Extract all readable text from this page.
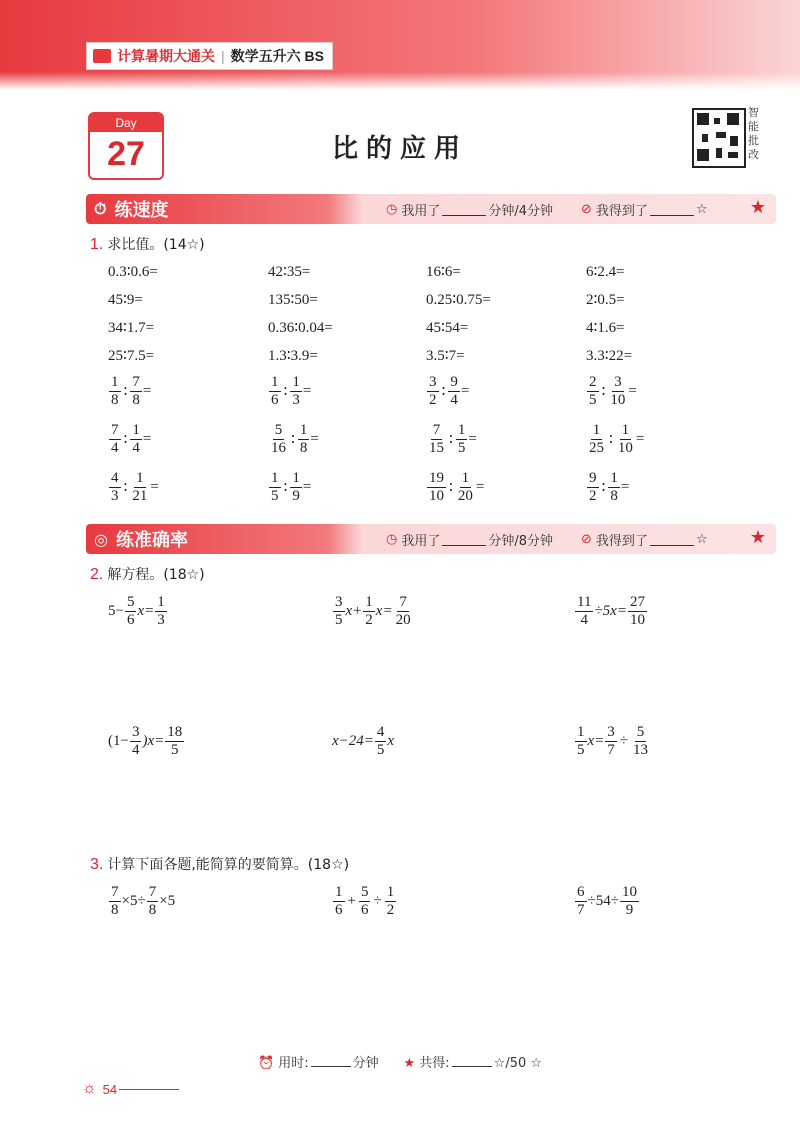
计算暑期大通关 | 数学五升六 BS
Day
27	比的应用
智
能
批
改
⏱ 练速度	◷ 我用了	分钟/4分钟 ⊘ 我得到了	☆ ★
1. 求比值。(14☆)
0.3∶0.6=	42∶35=	16∶6=	6∶2.4=
45∶9=	135∶50=	0.25∶0.75=	2∶0.5=
34∶1.7=	0.36∶0.04=	45∶54=	4∶1.6=
25∶7.5=	1.3∶3.9=	3.5∶7=	3.3∶22=
$\frac{1}{8}$ ∶ $\frac{7}{8}$ =	$\frac{1}{6}$ ∶ $\frac{1}{3}$ =	$\frac{3}{2}$ ∶ $\frac{9}{4}$ =	$\frac{2}{5}$ ∶ $\frac{3}{10}$ =
$\frac{7}{4}$ ∶ $\frac{1}{4}$ =	$\frac{5}{16}$ ∶ $\frac{1}{8}$ =	$\frac{7}{15}$ ∶ $\frac{1}{5}$ =	$\frac{1}{25}$ ∶ $\frac{1}{10}$ =
$\frac{4}{3}$ ∶ $\frac{1}{21}$ =	$\frac{1}{5}$ ∶ $\frac{1}{9}$ =	$\frac{19}{10}$ ∶ $\frac{1}{20}$ =	$\frac{9}{2}$ ∶ $\frac{1}{8}$ =
◎ 练准确率	◷ 我用了	分钟/8分钟 ⊘ 我得到了	☆ ★
2. 解方程。(18☆)
$5- \frac{5}{6} x= \frac{1}{3}$	$\frac{3}{5} x+ \frac{1}{2} x= \frac{7}{20}$	$\frac{11}{4} \div 5x= \frac{27}{10}$
$(1- \frac{3}{4} )x= \frac{18}{5}$	$x-24= \frac{4}{5}$ x	$\frac{1}{5} x= \frac{3}{7} \div \frac{5}{13}$
3. 计算下面各题,能简算的要简算。(18☆)
$\frac{7}{8} \times 5\div \frac{7}{8} \times 5$	$\frac{1}{6} + \frac{5}{6} \div \frac{1}{2}$	$\frac{6}{7} \div 54\div \frac{10}{9}$
⏰ 用时:	分钟 ★ 共得:	☆/50 ☆
☼ 54
